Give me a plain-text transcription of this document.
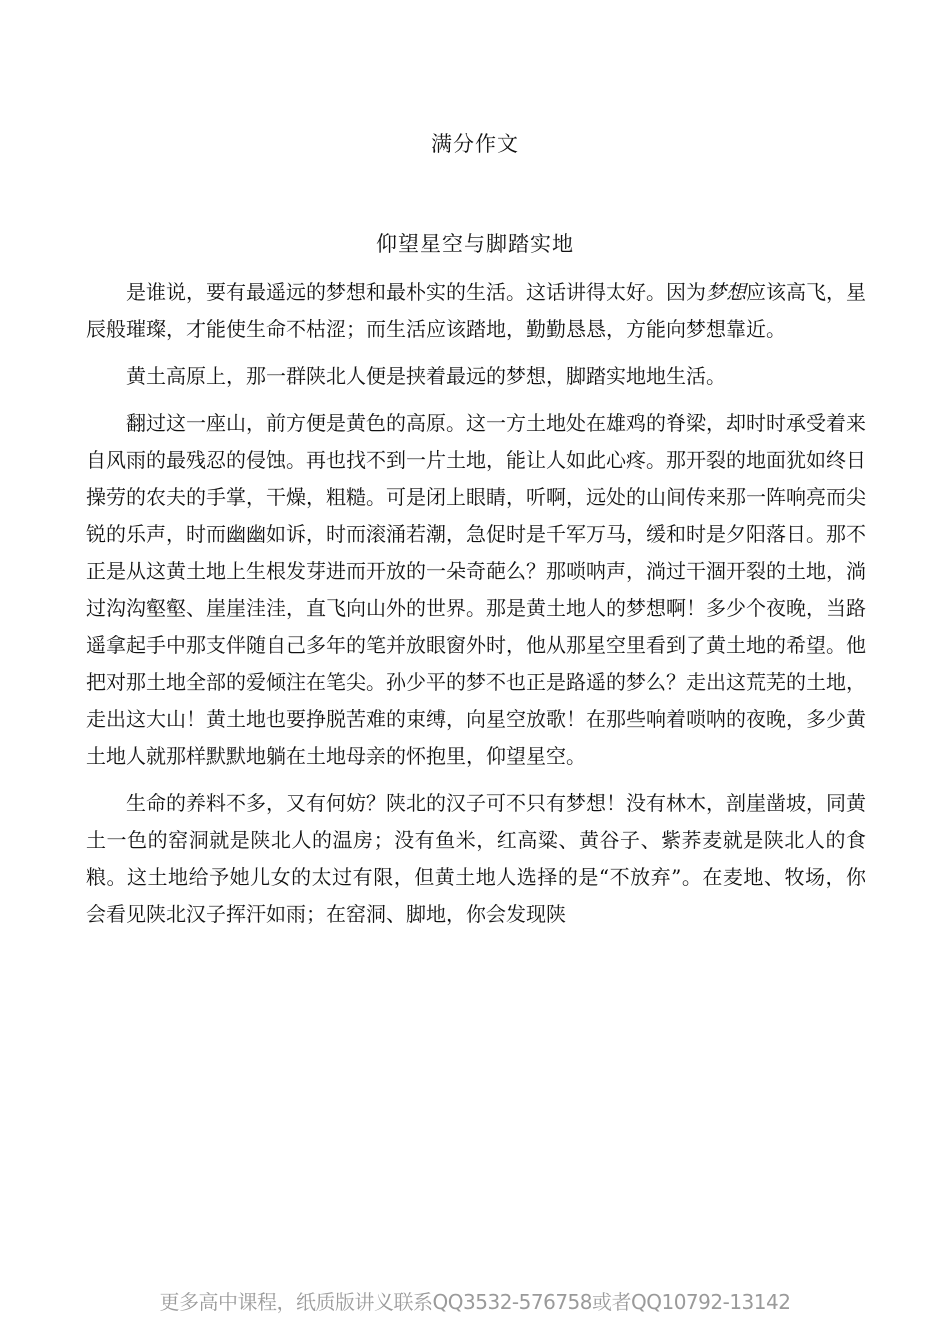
满分作文
仰望星空与脚踏实地

是谁说，要有最遥远的梦想和最朴实的生活。这话讲得太好。因为梦想应该高飞，星辰般璀璨，才能使生命不枯涩；而生活应该踏地，勤勤恳恳，方能向梦想靠近。

黄土高原上，那一群陕北人便是挟着最远的梦想，脚踏实地地生活。

翻过这一座山，前方便是黄色的高原。这一方土地处在雄鸡的脊梁，却时时承受着来自风雨的最残忍的侵蚀。再也找不到一片土地，能让人如此心疼。那开裂的地面犹如终日操劳的农夫的手掌，干燥，粗糙。可是闭上眼睛，听啊，远处的山间传来那一阵响亮而尖锐的乐声，时而幽幽如诉，时而滚涌若潮，急促时是千军万马，缓和时是夕阳落日。那不正是从这黄土地上生根发芽进而开放的一朵奇葩么？那唢呐声，淌过干涸开裂的土地，淌过沟沟壑壑、崖崖洼洼，直飞向山外的世界。那是黄土地人的梦想啊！多少个夜晚，当路遥拿起手中那支伴随自己多年的笔并放眼窗外时，他从那星空里看到了黄土地的希望。他把对那土地全部的爱倾注在笔尖。孙少平的梦不也正是路遥的梦么？走出这荒芜的土地，走出这大山！黄土地也要挣脱苦难的束缚，向星空放歌！在那些响着唢呐的夜晚，多少黄土地人就那样默默地躺在土地母亲的怀抱里，仰望星空。

生命的养料不多，又有何妨？陕北的汉子可不只有梦想！没有林木，剖崖凿坡，同黄土一色的窑洞就是陕北人的温房；没有鱼米，红高粱、黄谷子、紫荞麦就是陕北人的食粮。这土地给予她儿女的太过有限，但黄土地人选择的是“不放弃”。在麦地、牧场，你会看见陕北汉子挥汗如雨；在窑洞、脚地，你会发现陕

更多高中课程，纸质版讲义联系QQ3532-576758或者QQ10792-13142
